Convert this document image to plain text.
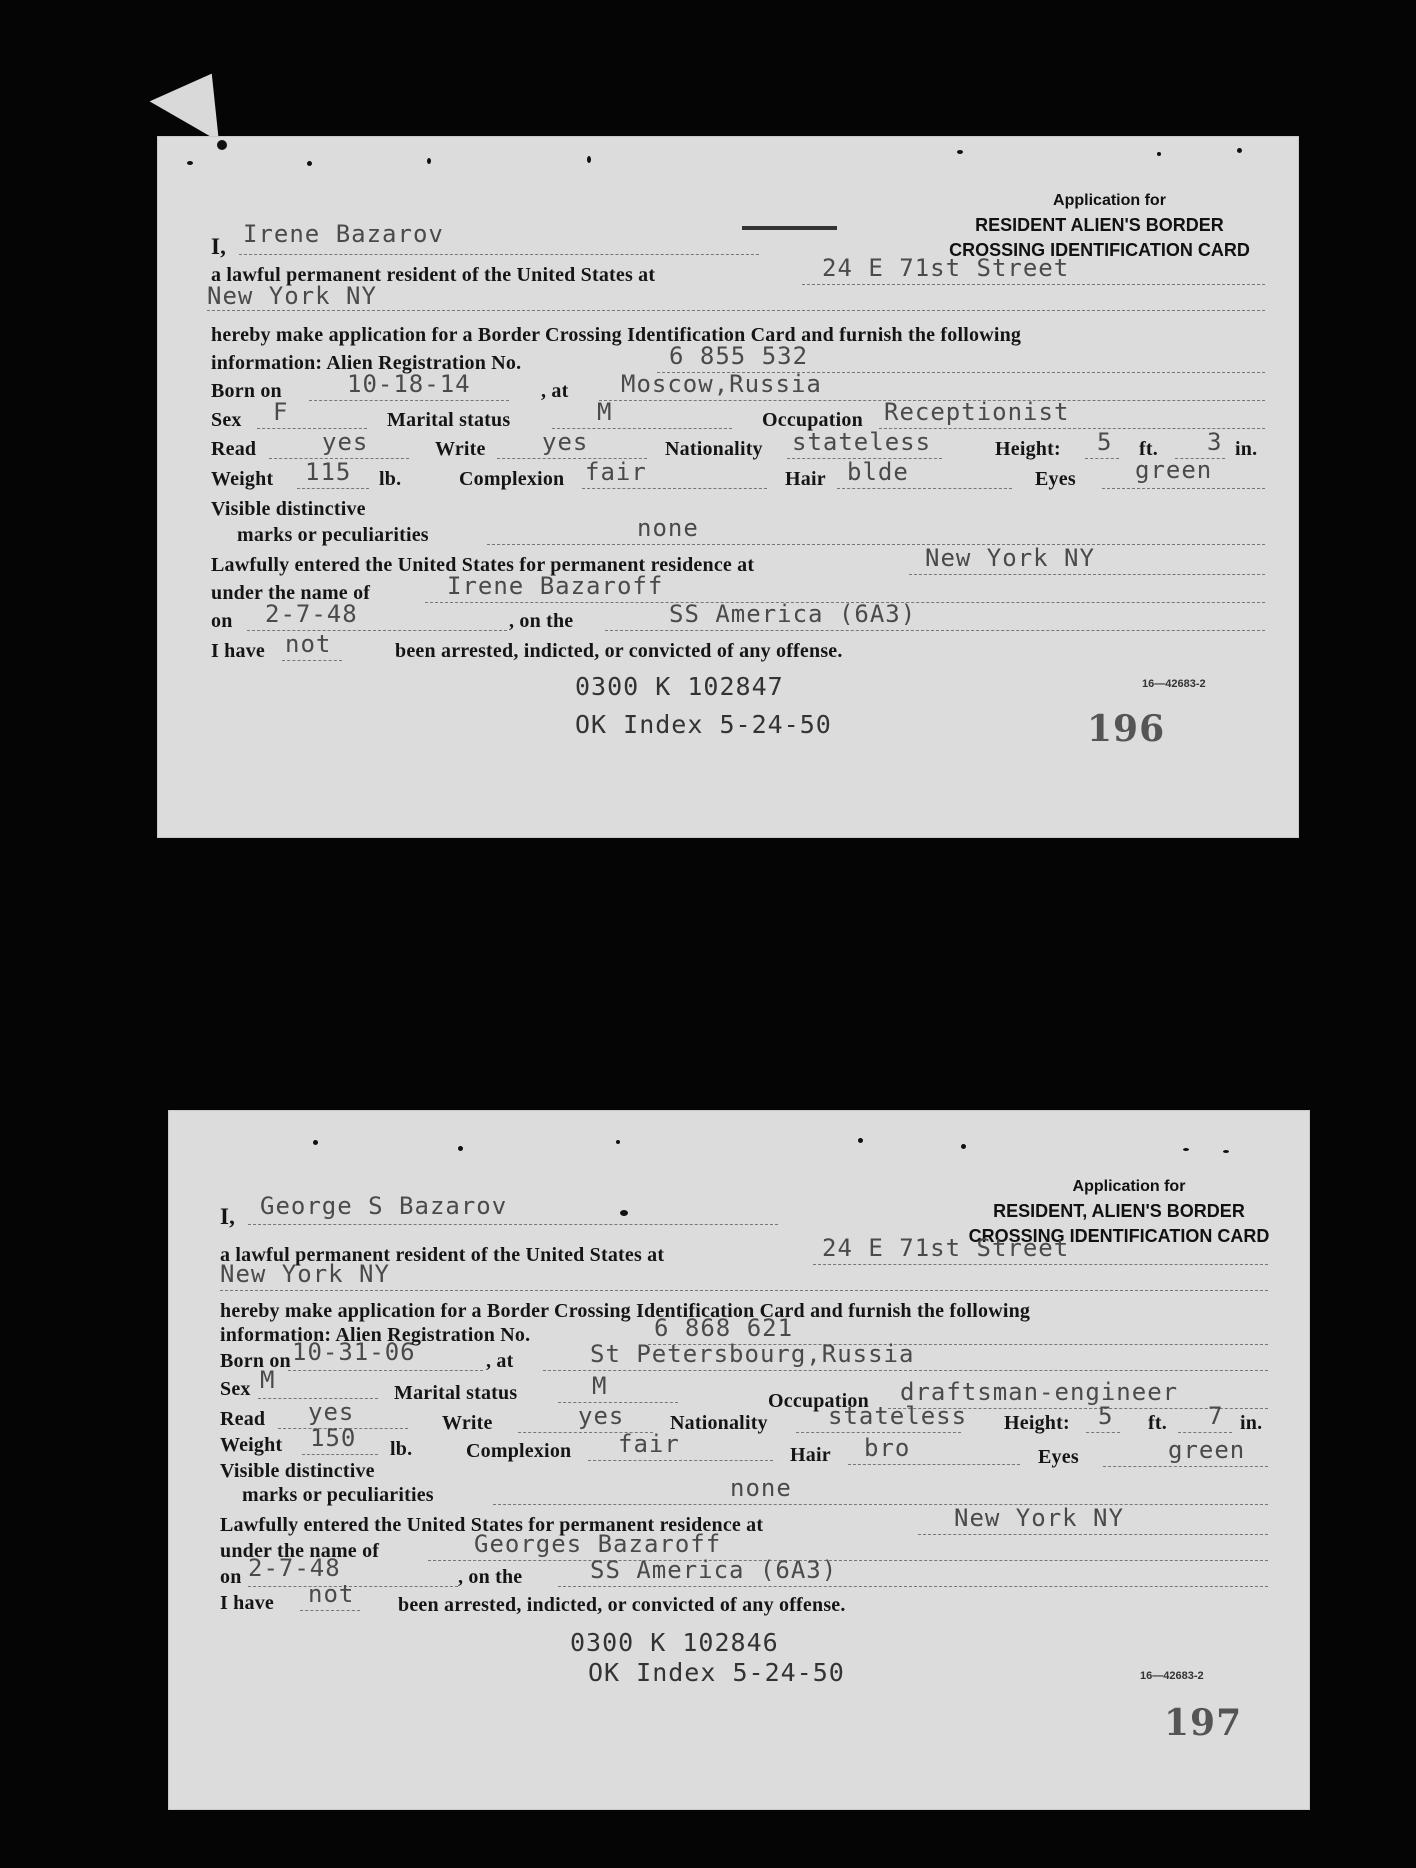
Application for
RESIDENT ALIEN'S BORDER
CROSSING IDENTIFICATION CARD
I, Irene Bazarov
a lawful permanent resident of the United States at	24 E 71st Street
New York NY
hereby make application for a Border Crossing Identification Card and furnish the following
information: Alien Registration No.	6 855 532
Born on	10-18-14	, at Moscow,Russia
Sex F	Marital status	M	Occupation Receptionist
Read	yes	Write yes	Nationality stateless	Height: 5 ft. 3 in.
Weight 115 lb.	Complexion fair	Hair blde	Eyes green
Visible distinctive
marks or peculiarities	none
Lawfully entered the United States for permanent residence at	New York NY
under the name of	Irene Bazaroff
on 2-7-48	, on the	SS America (6A3)
I have not	been arrested, indicted, or convicted of any offense.
0300 K 102847
OK Index 5-24-50
16—42683-2
196
Application for
RESIDENT, ALIEN'S BORDER
CROSSING IDENTIFICATION CARD
I, George S Bazarov
a lawful permanent resident of the United States at	24 E 71st Street
New York NY
hereby make application for a Border Crossing Identification Card and furnish the following
information: Alien Registration No.	6 868 621
Born on 10-31-06	, at	St Petersbourg,Russia
Sex M	Marital status	M
Occupation draftsman-engineer
Read yes	Write	yes Nationality	stateless Height: 5 ft. 7 in.
Weight 150 lb.	Complexion fair	Hair bro	Eyes	green
Visible distinctive
marks or peculiarities	none
Lawfully entered the United States for permanent residence at	New York NY
under the name of	Georges Bazaroff
on 2-7-48	, on the	SS America (6A3)
I have not been arrested, indicted, or convicted of any offense.
0300 K 102846
OK Index 5-24-50	16—42683-2
197
